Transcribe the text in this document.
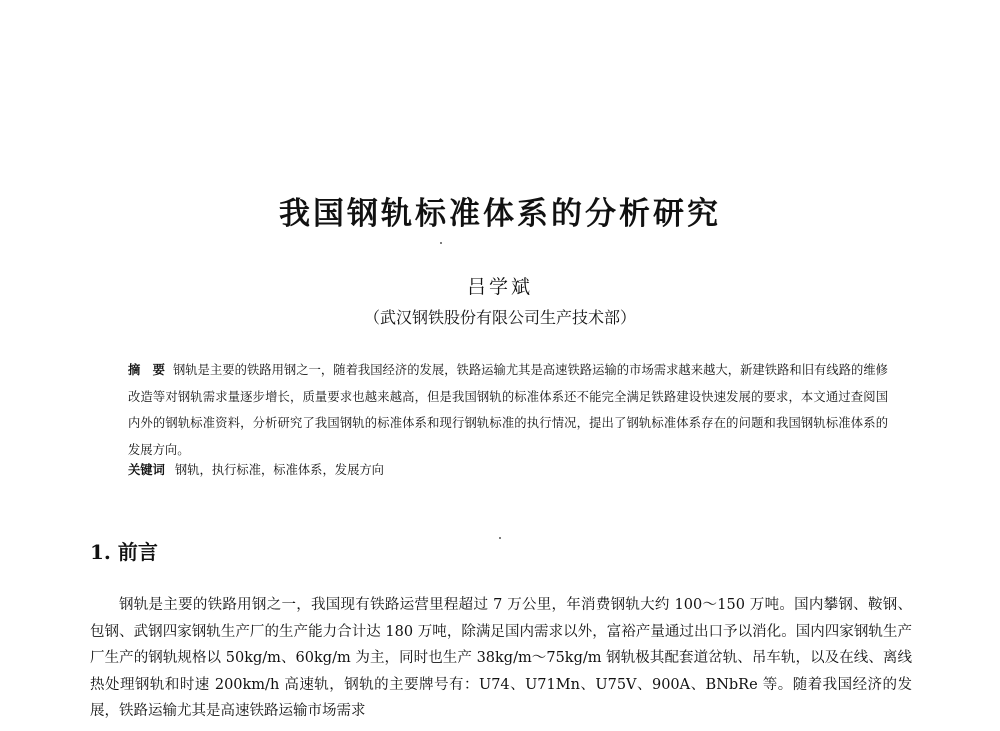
我国钢轨标准体系的分析研究
吕学斌
（武汉钢铁股份有限公司生产技术部）
摘　要 钢轨是主要的铁路用钢之一，随着我国经济的发展，铁路运输尤其是高速铁路运输的市场需求越来越大，新建铁路和旧有线路的维修改造等对钢轨需求量逐步增长，质量要求也越来越高，但是我国钢轨的标准体系还不能完全满足铁路建设快速发展的要求，本文通过查阅国内外的钢轨标准资料，分析研究了我国钢轨的标准体系和现行钢轨标准的执行情况，提出了钢轨标准体系存在的问题和我国钢轨标准体系的发展方向。
关键词 钢轨，执行标准，标准体系，发展方向
1. 前言
钢轨是主要的铁路用钢之一，我国现有铁路运营里程超过 7 万公里，年消费钢轨大约 100～150 万吨。国内攀钢、鞍钢、包钢、武钢四家钢轨生产厂的生产能力合计达 180 万吨，除满足国内需求以外，富裕产量通过出口予以消化。国内四家钢轨生产厂生产的钢轨规格以 50kg/m、60kg/m 为主，同时也生产 38kg/m～75kg/m 钢轨极其配套道岔轨、吊车轨，以及在线、离线热处理钢轨和时速 200km/h 高速轨，钢轨的主要牌号有：U74、U71Mn、U75V、900A、BNbRe 等。随着我国经济的发展，铁路运输尤其是高速铁路运输市场需求
